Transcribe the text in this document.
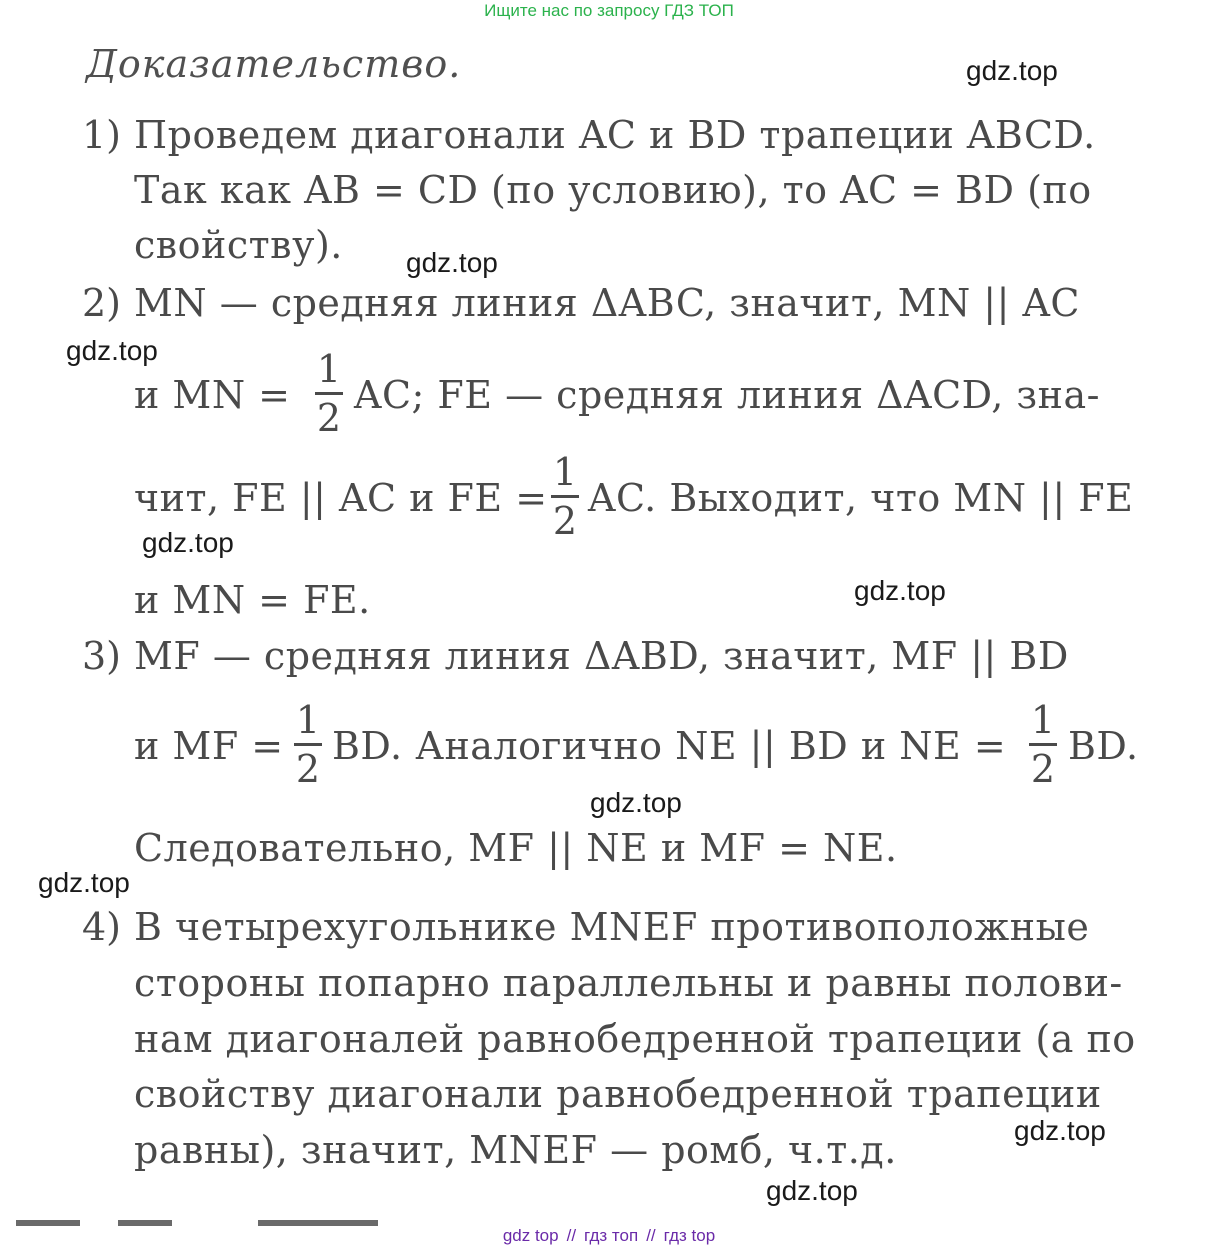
Ищите нас по запросу ГДЗ ТОП
Доказательство.
1) Проведем диагонали AC и BD трапеции ABCD.
Так как AB = CD (по условию), то AC = BD (по
свойству).
2) MN — средняя линия ΔABC, значит, MN || AC
и MN =
1
2
AC; FE — средняя линия ΔACD, зна-
чит, FE || AC и FE =
1
2
AC. Выходит, что MN || FE
и MN = FE.
3) MF — средняя линия ΔABD, значит, MF || BD
и MF =
1
2
BD. Аналогично NE || BD и NE =
1
2
BD.
Следовательно, MF || NE и MF = NE.
4) В четырехугольнике MNEF противоположные
стороны попарно параллельны и равны полови-
нам диагоналей равнобедренной трапеции (а по
свойству диагонали равнобедренной трапеции
равны), значит, MNEF — ромб, ч.т.д.
gdz.top
gdz.top
gdz.top
gdz.top
gdz.top
gdz.top
gdz.top
gdz.top
gdz.top
gdz top // гдз топ // гдз top
